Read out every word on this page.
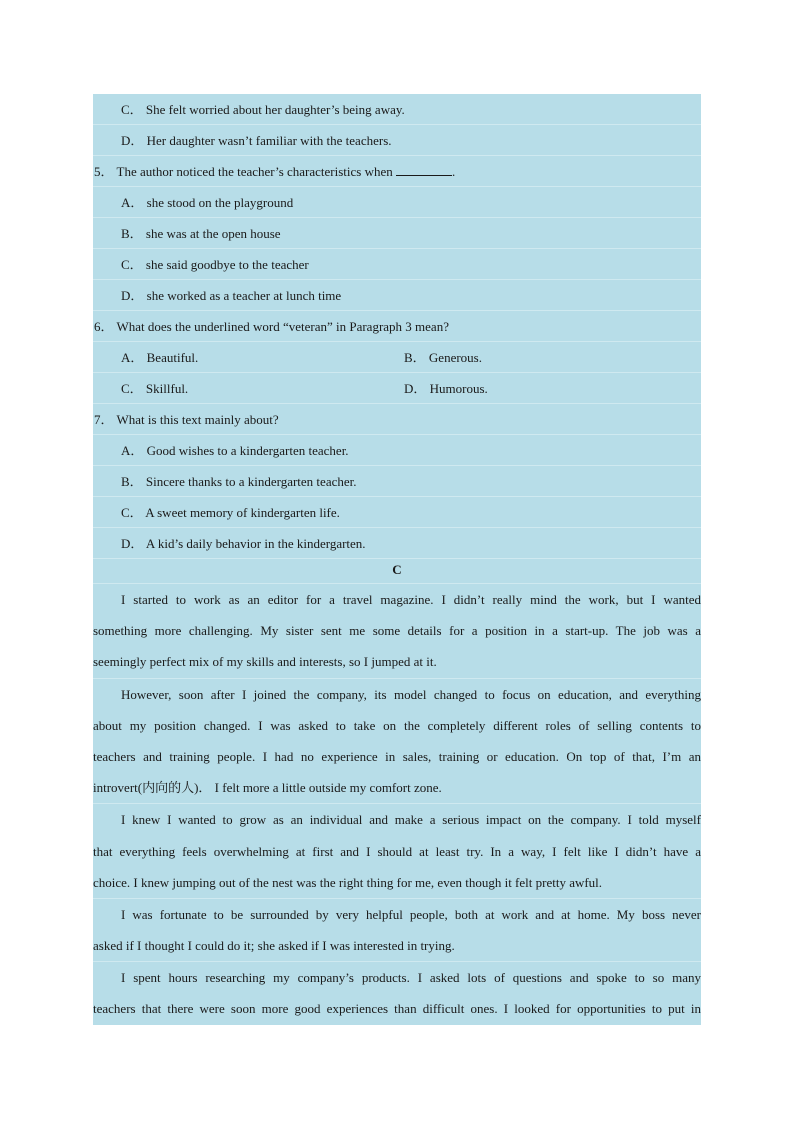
C． She felt worried about her daughter’s being away.
D． Her daughter wasn’t familiar with the teachers.
5． The author noticed the teacher’s characteristics when	.
A． she stood on the playground
B． she was at the open house
C． she said goodbye to the teacher
D． she worked as a teacher at lunch time
6． What does the underlined word “veteran” in Paragraph 3 mean?
A． Beautiful.	B． Generous.
C． Skillful.	D． Humorous.
7． What is this text mainly about?
A． Good wishes to a kindergarten teacher.
B． Sincere thanks to a kindergarten teacher.
C． A sweet memory of kindergarten life.
D． A kid’s daily behavior in the kindergarten.
C
I started to work as an editor for a travel magazine. I didn’t really mind the work, but I wanted
something more challenging. My sister sent me some details for a position in a start-up. The job was a
seemingly perfect mix of my skills and interests, so I jumped at it.
However, soon after I joined the company, its model changed to focus on education, and everything
about my position changed. I was asked to take on the completely different roles of selling contents to
teachers and training people. I had no experience in sales, training or education. On top of that, I’m an
introvert(内向的人)． I felt more a little outside my comfort zone.
I knew I wanted to grow as an individual and make a serious impact on the company. I told myself
that everything feels overwhelming at first and I should at least try. In a way, I felt like I didn’t have a
choice. I knew jumping out of the nest was the right thing for me, even though it felt pretty awful.
I was fortunate to be surrounded by very helpful people, both at work and at home. My boss never
asked if I thought I could do it; she asked if I was interested in trying.
I spent hours researching my company’s products. I asked lots of questions and spoke to so many
teachers that there were soon more good experiences than difficult ones. I looked for opportunities to put in
